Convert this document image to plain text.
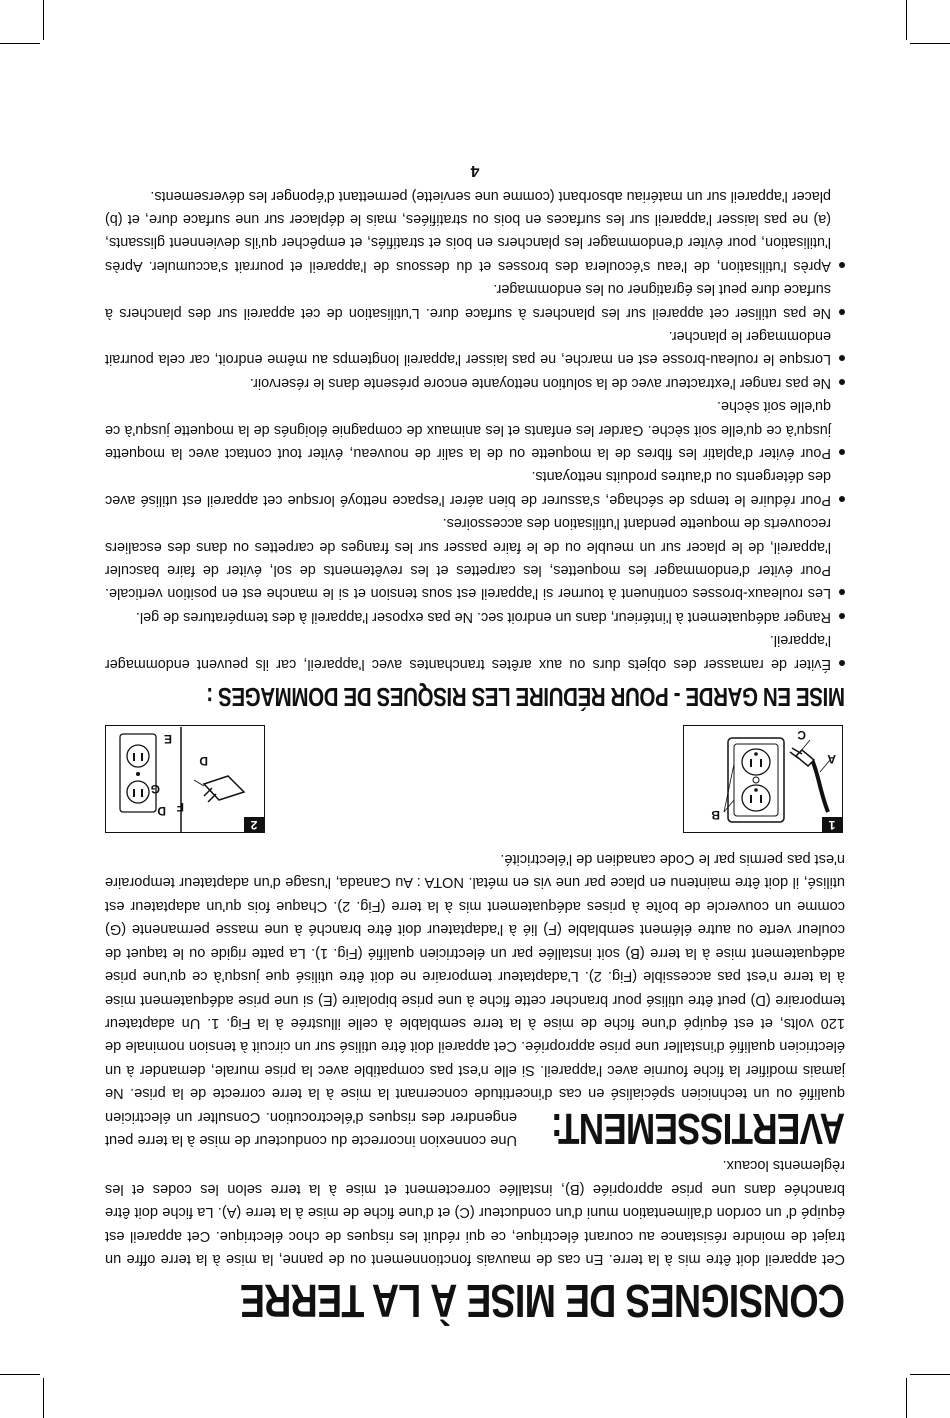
CONSIGNES DE MISE À LA TERRE

Cet appareil doit être mis à la terre. En cas de mauvais fonctionnement ou de panne, la mise à la terre offre un trajet de moindre résistance au courant électrique, ce qui réduit les risques de choc électrique. Cet appareil est équipé d' un cordon d'alimentation muni d'un conducteur (C) et d'une fiche de mise à la terre (A). La fiche doit être branchée dans une prise appropriée (B), installée correctement et mise à la terre selon les codes et les règlements locaux.

AVERTISSEMENT:

Une connexion incorrecte du conducteur de mise à la terre peut engendrer des risques d'électrocution. Consulter un électricien qualifié ou un technicien spécialisé en cas d'incertitude concernant la mise à la terre correcte de la prise. Ne jamais modifier la fiche fournie avec l'appareil. Si elle n'est pas compatible avec la prise murale, demander à un électricien qualifié d'installer une prise appropriée. Cet appareil doit être utilisé sur un circuit à tension nominale de 120 volts, et est équipé d'une fiche de mise à la terre semblable à celle illustrée à la Fig. 1. Un adaptateur temporaire (D) peut être utilisé pour brancher cette fiche à une prise bipolaire (E) si une prise adéquatement mise à la terre n'est pas accessible (Fig. 2). L'adaptateur temporaire ne doit être utilisé que jusqu'à ce qu'une prise adéquatement mise à la terre (B) soit installée par un électricien qualifié (Fig. 1). La patte rigide ou le taquet de couleur verte ou autre élément semblable (F) lié à l'adaptateur doit être branché à une masse permanente (G) comme un couvercle de boîte à prises adéquatement mis à la terre (Fig. 2). Chaque fois qu'un adaptateur est utilisé, il doit être maintenu en place par une vis en métal. NOTA : Au Canada, l'usage d'un adaptateur temporaire n'est pas permis par le Code canadien de l'électricité.

1
B
A
C
2
F
D
D
G
E
MISE EN GARDE - POUR RÉDUIRE LES RISQUES DE DOMMAGES :
Éviter de ramasser des objets durs ou aux arêtes tranchantes avec l'appareil, car ils peuvent endommager l'appareil.
Ranger adéquatement à l'intérieur, dans un endroit sec. Ne pas exposer l'appareil à des températures de gel.
Les rouleaux-brosses continuent à tourner si l'appareil est sous tension et si le manche est en position verticale. Pour éviter d'endommager les moquettes, les carpettes et les revêtements de sol, éviter de faire basculer l'appareil, de le placer sur un meuble ou de le faire passer sur les franges de carpettes ou dans des escaliers recouverts de moquette pendant l'utilisation des accessoires.
Pour réduire le temps de séchage, s'assurer de bien aérer l'espace nettoyé lorsque cet appareil est utilisé avec des détergents ou d'autres produits nettoyants.
Pour éviter d'aplatir les fibres de la moquette ou de la salir de nouveau, éviter tout contact avec la moquette jusqu'à ce qu'elle soit sèche. Garder les enfants et les animaux de compagnie éloignés de la moquette jusqu'à ce qu'elle soit sèche.
Ne pas ranger l'extracteur avec de la solution nettoyante encore présente dans le réservoir.
Lorsque le rouleau-brosse est en marche, ne pas laisser l'appareil longtemps au même endroit, car cela pourrait endommager le plancher.
Ne pas utiliser cet appareil sur les planchers à surface dure. L'utilisation de cet appareil sur des planchers à surface dure peut les égratigner ou les endommager.
Après l'utilisation, de l'eau s'écoulera des brosses et du dessous de l'appareil et pourrait s'accumuler. Après l'utilisation, pour éviter d'endommager les planchers en bois et stratifiés, et empêcher qu'ils deviennent glissants, (a) ne pas laisser l'appareil sur les surfaces en bois ou stratifiées, mais le déplacer sur une surface dure, et (b) placer l'appareil sur un matériau absorbant (comme une serviette) permettant d'éponger les déversements.
4
